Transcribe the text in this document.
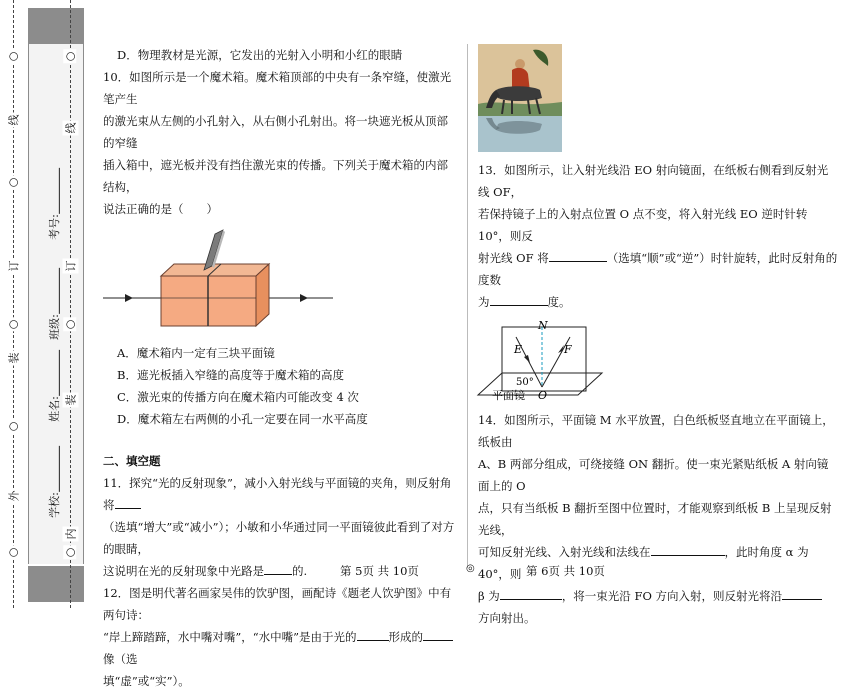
○
线
○
订
○
装
○
外
○
○
线
订
○
装
内
○
考号:
班级:
姓名:
学校:

D．物理教材是光源，它发出的光射入小明和小红的眼睛

10．如图所示是一个魔术箱。魔术箱顶部的中央有一条窄缝，使激光笔产生

的激光束从左侧的小孔射入，从右侧小孔射出。将一块遮光板从顶部的窄缝

插入箱中，遮光板并没有挡住激光束的传播。下列关于魔术箱的内部结构，

说法正确的是（　　）

A．魔术箱内一定有三块平面镜

B．遮光板插入窄缝的高度等于魔术箱的高度

C．激光束的传播方向在魔术箱内可能改变 4 次

D．魔术箱左右两侧的小孔一定要在同一水平高度

二、填空题

11．探究“光的反射现象”，减小入射光线与平面镜的夹角，则反射角将

（选填“增大”或“减小”）；小敏和小华通过同一平面镜彼此看到了对方的眼睛，

这说明在光的反射现象中光路是 的.

12．图是明代著名画家吴伟的饮驴图，画配诗《题老人饮驴图》中有两句诗：

“岸上蹄踏蹄，水中嘴对嘴”，“水中嘴”是由于光的	形成的像（选

填“虚”或“实”）。

13．如图所示，让入射光线沿 EO 射向镜面，在纸板右侧看到反射光线 OF，

若保持镜子上的入射点位置 O 点不变，将入射光线 EO 逆时针转 10°，则反

射光线 OF 将	（选填“顺”或“逆”）时针旋转，此时反射角的度数

为	度。

N
E	F
O
50°
平面镜

14．如图所示，平面镜 M 水平放置，白色纸板竖直地立在平面镜上，纸板由

A、B 两部分组成，可绕接缝 ON 翻折。使一束光紧贴纸板 A 射向镜面上的 O

点，只有当纸板 B 翻折至图中位置时，才能观察到纸板 B 上呈现反射光线，

可知反射光线、入射光线和法线在	，此时角度 α 为 40°，则

β 为	，将一束光沿 FO 方向入射，则反射光将沿

方向射出。

第 5页 共 10页	◎	第 6页 共 10页
